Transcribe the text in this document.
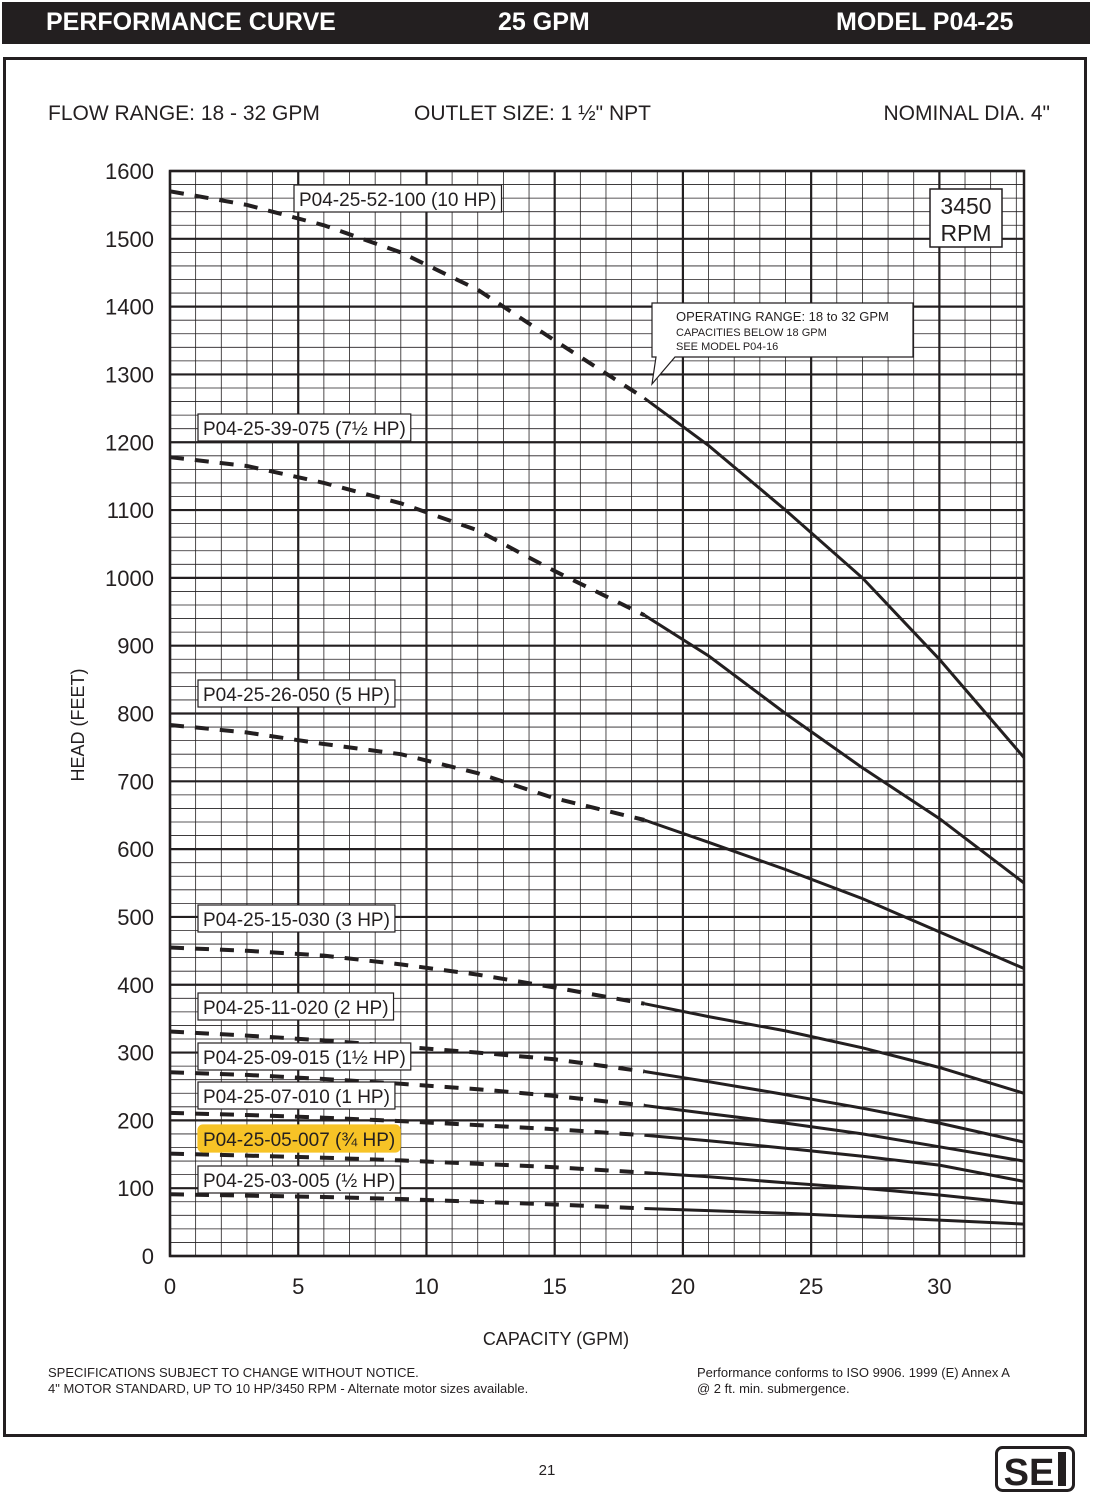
PERFORMANCE CURVE	25 GPM	MODEL P04-25
0
100
200
300
400
500
600
700
800
900
1000
1100
1200
1300
1400
1500
1600
0	5	10	15	20	25	30
P04-25-52-100 (10 HP)
P04-25-39-075 (7½ HP)
P04-25-26-050 (5 HP)
P04-25-15-030 (3 HP)
P04-25-11-020 (2 HP)
P04-25-09-015 (1½ HP)
P04-25-07-010 (1 HP)
P04-25-05-007 (¾ HP)
P04-25-03-005 (½ HP)
FLOW RANGE: 18 - 32 GPM	OUTLET SIZE: 1 ½" NPT	NOMINAL DIA. 4"
HEAD (FEET)
CAPACITY (GPM)
3450
RPM
OPERATING RANGE: 18 to 32 GPM
CAPACITIES BELOW 18 GPM
SEE MODEL P04-16
SPECIFICATIONS SUBJECT TO CHANGE WITHOUT NOTICE.
4" MOTOR STANDARD, UP TO 10 HP/3450 RPM - Alternate motor sizes available.
Performance conforms to ISO 9906. 1999 (E) Annex A
@ 2 ft. min. submergence.
21	SE
